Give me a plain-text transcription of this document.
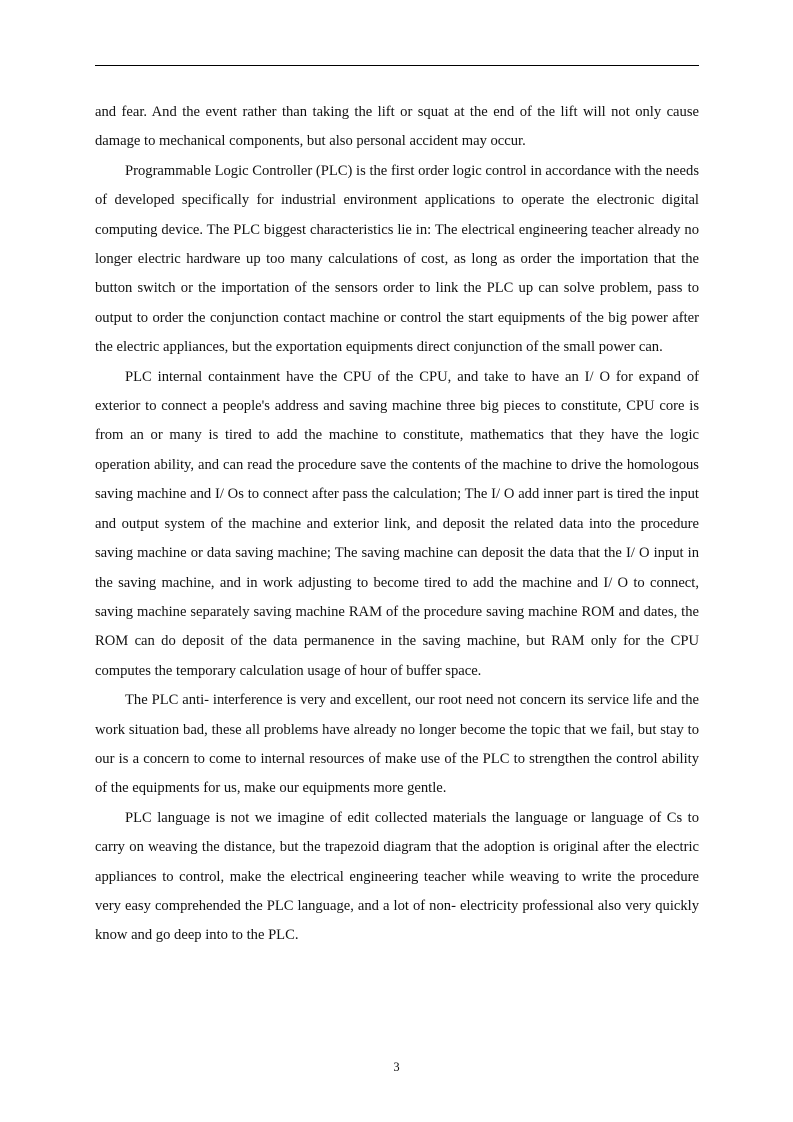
and fear. And the event rather than taking the lift or squat at the end of the lift will not only cause damage to mechanical components, but also personal accident may occur.

Programmable Logic Controller (PLC) is the first order logic control in accordance with the needs of developed specifically for industrial environment applications to operate the electronic digital computing device. The PLC biggest characteristics lie in: The electrical engineering teacher already no longer electric hardware up too many calculations of cost, as long as order the importation that the button switch or the importation of the sensors order to link the PLC up can solve problem, pass to output to order the conjunction contact machine or control the start equipments of the big power after the electric appliances, but the exportation equipments direct conjunction of the small power can.

PLC internal containment have the CPU of the CPU, and take to have an I/ O for expand of exterior to connect a people's address and saving machine three big pieces to constitute, CPU core is from an or many is tired to add the machine to constitute, mathematics that they have the logic operation ability, and can read the procedure save the contents of the machine to drive the homologous saving machine and I/ Os to connect after pass the calculation; The I/ O add inner part is tired the input and output system of the machine and exterior link, and deposit the related data into the procedure saving machine or data saving machine; The saving machine can deposit the data that the I/ O input in the saving machine, and in work adjusting to become tired to add the machine and I/ O to connect, saving machine separately saving machine RAM of the procedure saving machine ROM and dates, the ROM can do deposit of the data permanence in the saving machine, but RAM only for the CPU computes the temporary calculation usage of hour of buffer space.

The PLC anti- interference is very and excellent, our root need not concern its service life and the work situation bad, these all problems have already no longer become the topic that we fail, but stay to our is a concern to come to internal resources of make use of the PLC to strengthen the control ability of the equipments for us, make our equipments more gentle.

PLC language is not we imagine of edit collected materials the language or language of Cs to carry on weaving the distance, but the trapezoid diagram that the adoption is original after the electric appliances to control, make the electrical engineering teacher while weaving to write the procedure very easy comprehended the PLC language, and a lot of non- electricity professional also very quickly know and go deep into to the PLC.

3
